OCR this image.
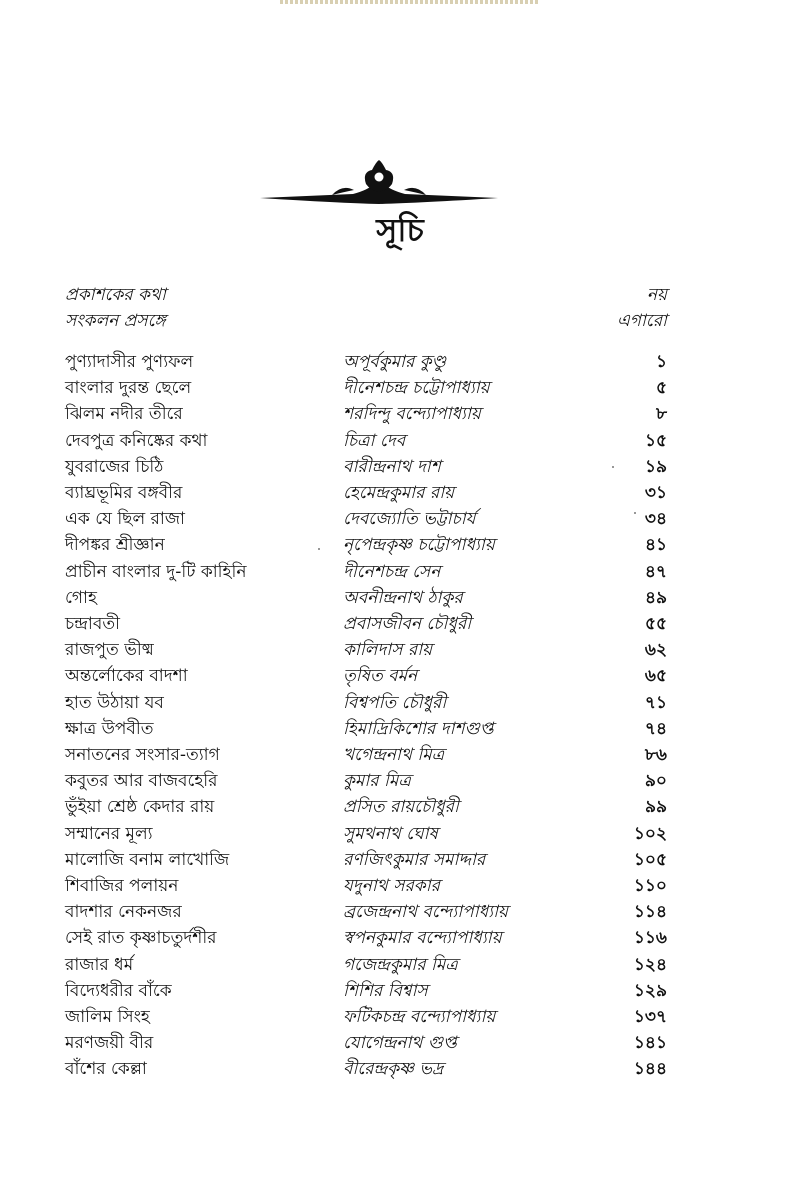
সূচি
প্রকাশকের কথা	নয়
সংকলন প্রসঙ্গে	এগারো
পুণ্যাদাসীর পুণ্যফল	অপূর্বকুমার কুণ্ডু	১
বাংলার দুরন্ত ছেলে	দীনেশচন্দ্র চট্টোপাধ্যায়	৫
ঝিলম নদীর তীরে	শরদিন্দু বন্দ্যোপাধ্যায়	৮
দেবপুত্র কনিষ্কের কথা	চিত্রা দেব	১৫
যুবরাজের চিঠি	বারীন্দ্রনাথ দাশ	১৯
ব্যাঘ্রভূমির বঙ্গবীর	হেমেন্দ্রকুমার রায়	৩১
এক যে ছিল রাজা	দেবজ্যোতি ভট্টাচার্য	৩৪
দীপঙ্কর শ্রীজ্ঞান	নৃপেন্দ্রকৃষ্ণ চট্টোপাধ্যায়	৪১
প্রাচীন বাংলার দু-টি কাহিনি	দীনেশচন্দ্র সেন	৪৭
গোহ	অবনীন্দ্রনাথ ঠাকুর	৪৯
চন্দ্রাবতী	প্রবাসজীবন চৌধুরী	৫৫
রাজপুত ভীষ্ম	কালিদাস রায়	৬২
অন্তর্লোকের বাদশা	তৃষিত বর্মন	৬৫
হাত উঠায়া যব	বিশ্বপতি চৌধুরী	৭১
ক্ষাত্র উপবীত	হিমাদ্রিকিশোর দাশগুপ্ত	৭৪
সনাতনের সংসার-ত্যাগ	খগেন্দ্রনাথ মিত্র	৮৬
কবুতর আর বাজবহেরি	কুমার মিত্র	৯০
ভুঁইয়া শ্রেষ্ঠ কেদার রায়	প্রসিত রায়চৌধুরী	৯৯
সম্মানের মূল্য	সুমথনাথ ঘোষ	১০২
মালোজি বনাম লাখোজি	রণজিৎকুমার সমাদ্দার	১০৫
শিবাজির পলায়ন	যদুনাথ সরকার	১১০
বাদশার নেকনজর	ব্রজেন্দ্রনাথ বন্দ্যোপাধ্যায়	১১৪
সেই রাত কৃষ্ণাচতুর্দশীর	স্বপনকুমার বন্দ্যোপাধ্যায়	১১৬
রাজার ধর্ম	গজেন্দ্রকুমার মিত্র	১২৪
বিদ্যেধরীর বাঁকে	শিশির বিশ্বাস	১২৯
জালিম সিংহ	ফটিকচন্দ্র বন্দ্যোপাধ্যায়	১৩৭
মরণজয়ী বীর	যোগেন্দ্রনাথ গুপ্ত	১৪১
বাঁশের কেল্লা	বীরেন্দ্রকৃষ্ণ ভদ্র	১৪৪
